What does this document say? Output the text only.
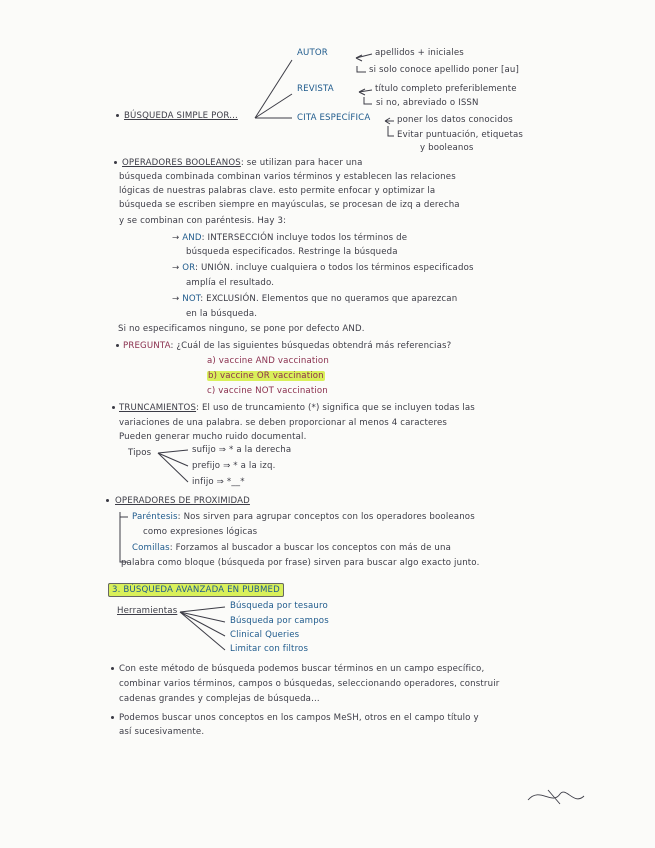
BÚSQUEDA SIMPLE POR...
AUTOR	apellidos + iniciales
si solo conoce apellido poner [au]
REVISTA	título completo preferiblemente
si no, abreviado o ISSN
CITA ESPECÍFICA	poner los datos conocidos
Evitar puntuación, etiquetas
y booleanos
OPERADORES BOOLEANOS: se utilizan para hacer una
búsqueda combinada combinan varios términos y establecen las relaciones
lógicas de nuestras palabras clave. esto permite enfocar y optimizar la
búsqueda se escriben siempre en mayúsculas, se procesan de izq a derecha
y se combinan con paréntesis. Hay 3:
→ AND: INTERSECCIÓN incluye todos los términos de
búsqueda especificados. Restringe la búsqueda
→ OR: UNIÓN. incluye cualquiera o todos los términos especificados
amplía el resultado.
→ NOT: EXCLUSIÓN. Elementos que no queramos que aparezcan
en la búsqueda.
Si no especificamos ninguno, se pone por defecto AND.
PREGUNTA: ¿Cuál de las siguientes búsquedas obtendrá más referencias?
a) vaccine AND vaccination
b) vaccine OR vaccination
c) vaccine NOT vaccination
TRUNCAMIENTOS: El uso de truncamiento (*) significa que se incluyen todas las
variaciones de una palabra. se deben proporcionar al menos 4 caracteres
Pueden generar mucho ruido documental.
Tipos	sufijo ⇒ * a la derecha
prefijo ⇒ * a la izq.
infijo ⇒ *__*
OPERADORES DE PROXIMIDAD
Paréntesis: Nos sirven para agrupar conceptos con los operadores booleanos
como expresiones lógicas
Comillas: Forzamos al buscador a buscar los conceptos con más de una
palabra como bloque (búsqueda por frase) sirven para buscar algo exacto junto.
3. BÚSQUEDA AVANZADA EN PUBMED
Herramientas	Búsqueda por tesauro
Búsqueda por campos
Clinical Queries
Limitar con filtros
Con este método de búsqueda podemos buscar términos en un campo específico,
combinar varios términos, campos o búsquedas, seleccionando operadores, construir
cadenas grandes y complejas de búsqueda...
Podemos buscar unos conceptos en los campos MeSH, otros en el campo título y
así sucesivamente.
